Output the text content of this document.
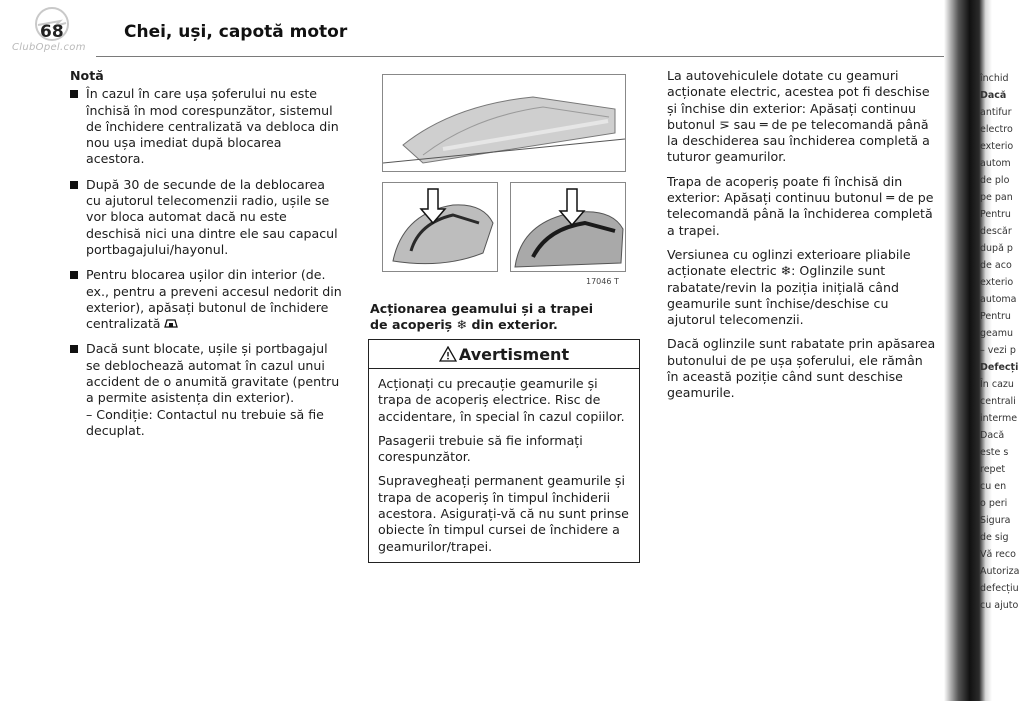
ClubOpel.com
68	Chei, uși, capotă motor
Notă
În cazul în care ușa șoferului nu este închisă în mod corespunzător, sistemul de închidere centralizată va debloca din nou ușa imediat după blocarea acestora.
După 30 de secunde de la deblocarea cu ajutorul telecomenzii radio, ușile se vor bloca automat dacă nu este deschisă nici una dintre ele sau capacul portbagajului/hayonul.
Pentru blocarea ușilor din interior (de. ex., pentru a preveni accesul nedorit din exterior), apăsați butonul de închidere centralizată
Dacă sunt blocate, ușile și portbagajul se deblochează automat în cazul unui accident de o anumită gravitate (pentru a permite asistența din exterior).
– Condiție: Contactul nu trebuie să fie decuplat.
17046 T
Acționarea geamului și a trapei
de acoperiș ❄ din exterior.
Avertisment

Acționați cu precauție geamurile și trapa de acoperiș electrice. Risc de accidentare, în special în cazul copiilor.

Pasagerii trebuie să fie informați corespunzător.

Supravegheați permanent geamurile și trapa de acoperiș în timpul închiderii acestora. Asigurați-vă că nu sunt prinse obiecte în timpul cursei de închidere a geamurilor/trapei.

La autovehiculele dotate cu geamuri acționate electric, acestea pot fi deschise și închise din exterior: Apăsați continuu butonul ⋝ sau ═ de pe telecomandă până la deschiderea sau închiderea completă a tuturor geamurilor.

Trapa de acoperiș poate fi închisă din exterior: Apăsați continuu butonul ═ de pe telecomandă până la închiderea completă a trapei.

Versiunea cu oglinzi exterioare pliabile acționate electric ❄: Oglinzile sunt rabatate/revin la poziția inițială când geamurile sunt închise/deschise cu ajutorul telecomenzii.

Dacă oglinzile sunt rabatate prin apăsarea butonului de pe ușa șoferului, ele rămân în această poziție când sunt deschise geamurile.

închid
Dacă
antifur
electro
exterio
autom
de plo
pe pan
Pentru
descăr
după p
de aco
exterio
automa
Pentru
geamu
– vezi p
Defecți
În cazu
centrali
interme
Dacă
este s
repet
cu en
o peri
Sigura
de sig
Vă reco
Autoriza
defecțiu
cu ajuto
